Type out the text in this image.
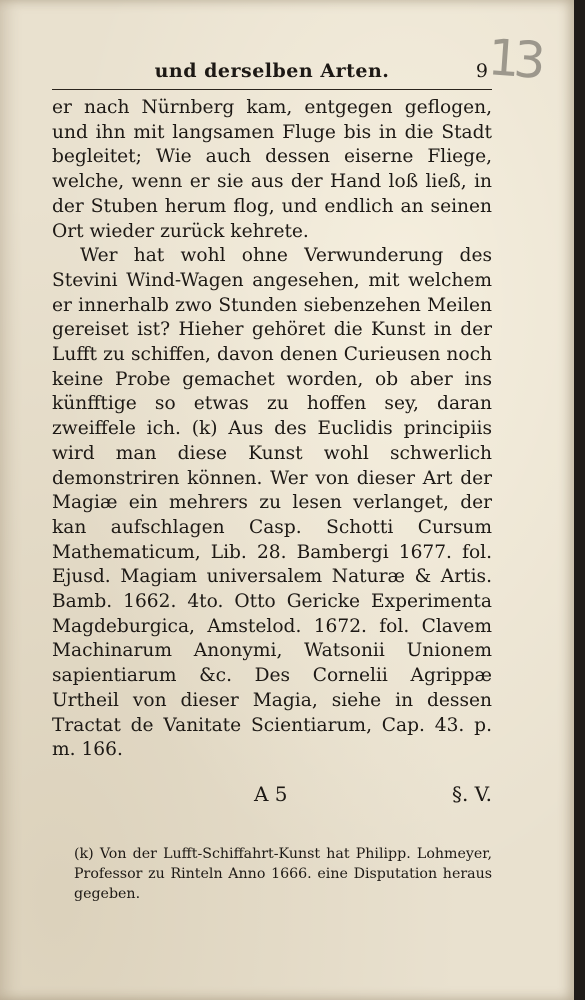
13
und derselben Arten.	9

er nach Nürnberg kam, entgegen geflogen, und ihn mit langsamen Fluge bis in die Stadt begleitet; Wie auch dessen eiserne Fliege, welche, wenn er sie aus der Hand loß ließ, in der Stuben herum flog, und endlich an seinen Ort wieder zurück kehrete.

Wer hat wohl ohne Verwunderung des Stevini Wind-Wagen angesehen, mit welchem er innerhalb zwo Stunden siebenzehen Meilen gereiset ist? Hieher gehöret die Kunst in der Lufft zu schiffen, davon denen Curieusen noch keine Probe gemachet worden, ob aber ins künfftige so etwas zu hoffen sey, daran zweiffele ich. (k) Aus des Euclidis principiis wird man diese Kunst wohl schwerlich demonstriren können. Wer von dieser Art der Magiæ ein mehrers zu lesen verlanget, der kan aufschlagen Casp. Schotti Cursum Mathematicum, Lib. 28. Bambergi 1677. fol. Ejusd. Magiam universalem Naturæ & Artis. Bamb. 1662. 4to. Otto Gericke Experimenta Magdeburgica, Amstelod. 1672. fol. Clavem Machinarum Anonymi, Watsonii Unionem sapientiarum &c. Des Cornelii Agrippæ Urtheil von dieser Magia, siehe in dessen Tractat de Vanitate Scientiarum, Cap. 43. p. m. 166.

A 5	§. V.
(k) Von der Lufft-Schiffahrt-Kunst hat Philipp. Lohmeyer, Professor zu Rinteln Anno 1666. eine Disputation heraus gegeben.
